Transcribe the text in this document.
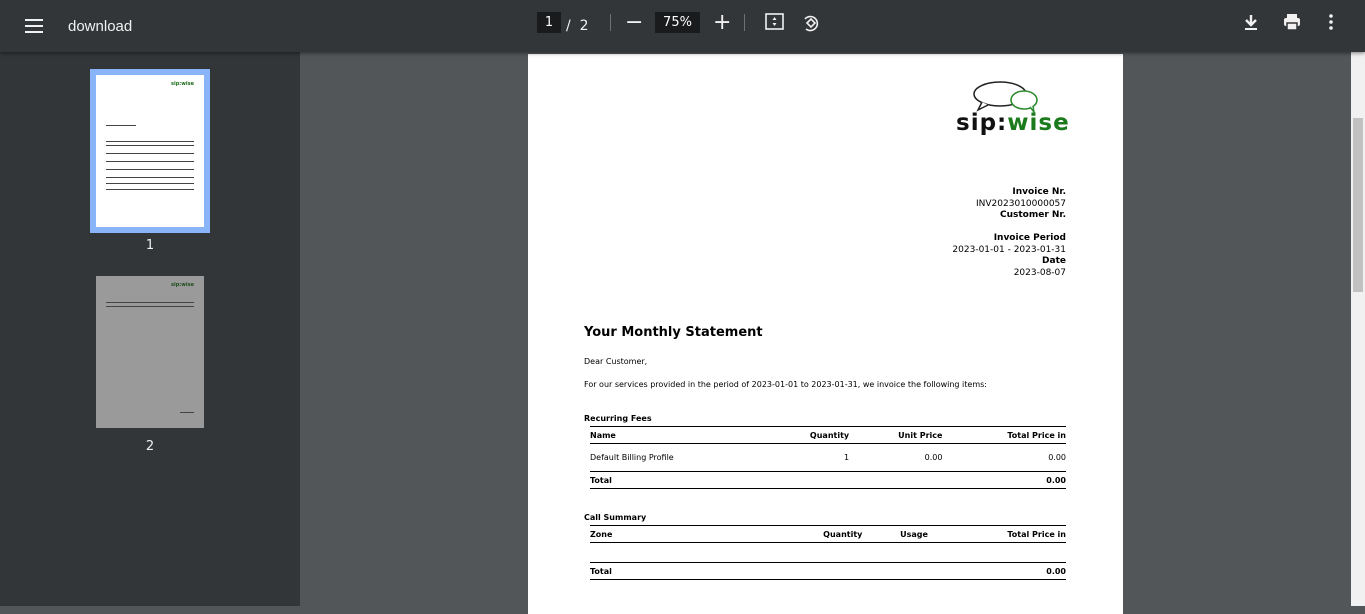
download	1 /
2 −	75% +
sip:wise
1
sip:wise
2
sip:wise
Invoice Nr.
INV2023010000057
Customer Nr.

Invoice Period
2023-01-01 - 2023-01-31
Date
2023-08-07
Your Monthly Statement
Dear Customer,
For our services provided in the period of 2023-01-01 to 2023-01-31, we invoice the following items:
Recurring Fees
Name	Quantity	Unit Price	Total Price in
Default Billing Profile	1	0.00	0.00
Total			0.00
Call Summary
Zone	Quantity	Usage	Total Price in

Total			0.00
